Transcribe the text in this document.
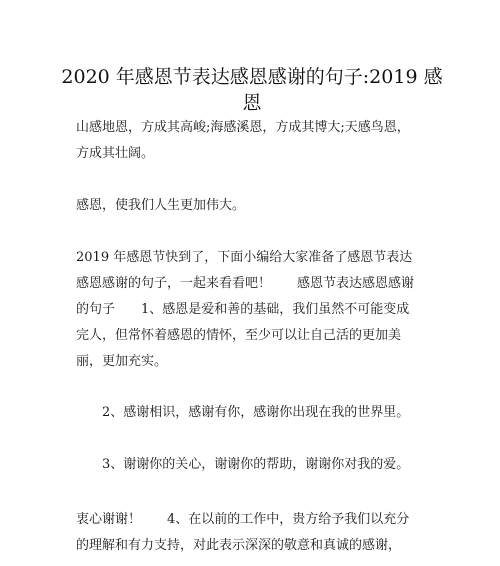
2020 年感恩节表达感恩感谢的句子:2019 感
恩
山感地恩，方成其高峻;海感溪恩，方成其博大;天感鸟恩，
方成其壮阔。
感恩，使我们人生更加伟大。
2019 年感恩节快到了，下面小编给大家准备了感恩节表达
感恩感谢的句子，一起来看看吧！　　感恩节表达感恩感谢
的句子　　1、感恩是爱和善的基础，我们虽然不可能变成
完人，但常怀着感恩的情怀，至少可以让自己活的更加美
丽，更加充实。
　　2、感谢相识，感谢有你，感谢你出现在我的世界里。
　　3、谢谢你的关心，谢谢你的帮助，谢谢你对我的爱。
衷心谢谢！　　4、在以前的工作中，贵方给予我们以充分
的理解和有力支持，对此表示深深的敬意和真诚的感谢，
